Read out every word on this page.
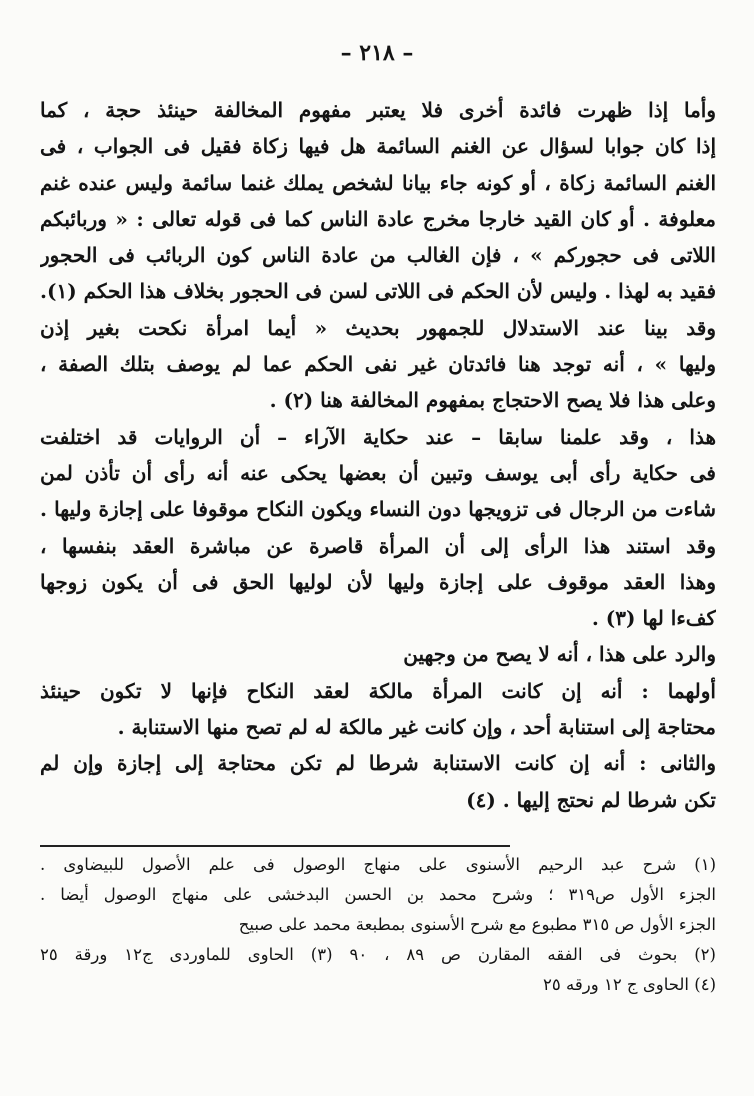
– ٢١٨ –
وأما إذا ظهرت فائدة أخرى فلا يعتبر مفهوم المخالفة حينئذ حجة ، كما
إذا كان جوابا لسؤال عن الغنم السائمة هل فيها زكاة فقيل فى الجواب ، فى
الغنم السائمة زكاة ، أو كونه جاء بيانا لشخص يملك غنما سائمة وليس عنده غنم
معلوفة . أو كان القيد خارجا مخرج عادة الناس كما فى قوله تعالى : « وربائبكم
اللاتى فى حجوركم » ، فإن الغالب من عادة الناس كون الربائب فى الحجور
فقيد به لهذا . وليس لأن الحكم فى اللاتى لسن فى الحجور بخلاف هذا الحكم (١).
وقد بينا عند الاستدلال للجمهور بحديث « أيما امرأة نكحت بغير إذن
وليها » ، أنه توجد هنا فائدتان غير نفى الحكم عما لم يوصف بتلك الصفة ،
وعلى هذا فلا يصح الاحتجاج بمفهوم المخالفة هنا (٢) .
هذا ، وقد علمنا سابقا – عند حكاية الآراء – أن الروايات قد اختلفت
فى حكاية رأى أبى يوسف وتبين أن بعضها يحكى عنه أنه رأى أن تأذن لمن
شاءت من الرجال فى تزويجها دون النساء ويكون النكاح موقوفا على إجازة وليها .
وقد استند هذا الرأى إلى أن المرأة قاصرة عن مباشرة العقد بنفسها ،
وهذا العقد موقوف على إجازة وليها لأن لوليها الحق فى أن يكون زوجها
كفءا لها (٣) .
والرد على هذا ، أنه لا يصح من وجهين
أولهما : أنه إن كانت المرأة مالكة لعقد النكاح فإنها لا تكون حينئذ
محتاجة إلى استنابة أحد ، وإن كانت غير مالكة له لم تصح منها الاستنابة .
والثانى : أنه إن كانت الاستنابة شرطا لم تكن محتاجة إلى إجازة وإن لم
تكن شرطا لم نحتج إليها . (٤)
(١) شرح عبد الرحيم الأسنوى على منهاج الوصول فى علم الأصول للبيضاوى .
الجزء الأول ص٣١٩ ؛ وشرح محمد بن الحسن البدخشى على منهاج الوصول أيضا .
الجزء الأول ص ٣١٥ مطبوع مع شرح الأسنوى بمطبعة محمد على صبيح
(٢) بحوث فى الفقه المقارن ص ٨٩ ، ٩٠ (٣) الحاوى للماوردى ج١٢ ورقة ٢٥
(٤) الحاوى ج ١٢ ورقه ٢٥
